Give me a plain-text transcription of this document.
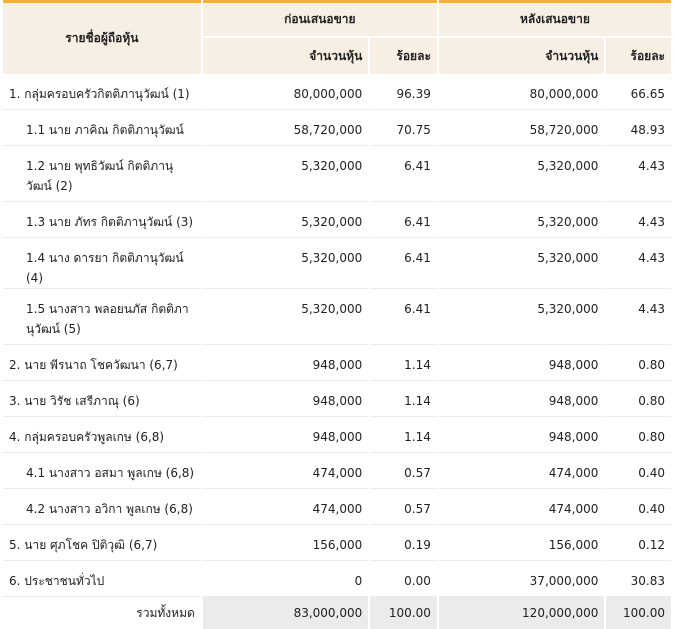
รายชื่อผู้ถือหุ้น	ก่อนเสนอขาย		หลังเสนอขาย	
	จำนวนหุ้น	ร้อยละ	จำนวนหุ้น	ร้อยละ
1. กลุ่มครอบครัวกิตติภานุวัฒน์ (1)	80,000,000	96.39	80,000,000	66.65
1.1 นาย ภาคิณ กิตติภานุวัฒน์	58,720,000	70.75	58,720,000	48.93
1.2 นาย พุทธิวัฒน์ กิตติภานุวัฒน์ (2)	5,320,000	6.41	5,320,000	4.43
1.3 นาย ภัทร กิตติภานุวัฒน์ (3)	5,320,000	6.41	5,320,000	4.43
1.4 นาง ดารยา กิตติภานุวัฒน์ (4)	5,320,000	6.41	5,320,000	4.43
1.5 นางสาว พลอยนภัส กิตติภานุวัฒน์ (5)	5,320,000	6.41	5,320,000	4.43
2. นาย พีรนาถ โชควัฒนา (6,7)	948,000	1.14	948,000	0.80
3. นาย วิรัช เสรีภาณุ (6)	948,000	1.14	948,000	0.80
4. กลุ่มครอบครัวพูลเกษ (6,8)	948,000	1.14	948,000	0.80
4.1 นางสาว อสมา พูลเกษ (6,8)	474,000	0.57	474,000	0.40
4.2 นางสาว อวิกา พูลเกษ (6,8)	474,000	0.57	474,000	0.40
5. นาย ศุภโชค ปิติวุฒิ (6,7)	156,000	0.19	156,000	0.12
6. ประชาชนทั่วไป	0	0.00	37,000,000	30.83
รวมทั้งหมด	83,000,000	100.00	120,000,000	100.00
